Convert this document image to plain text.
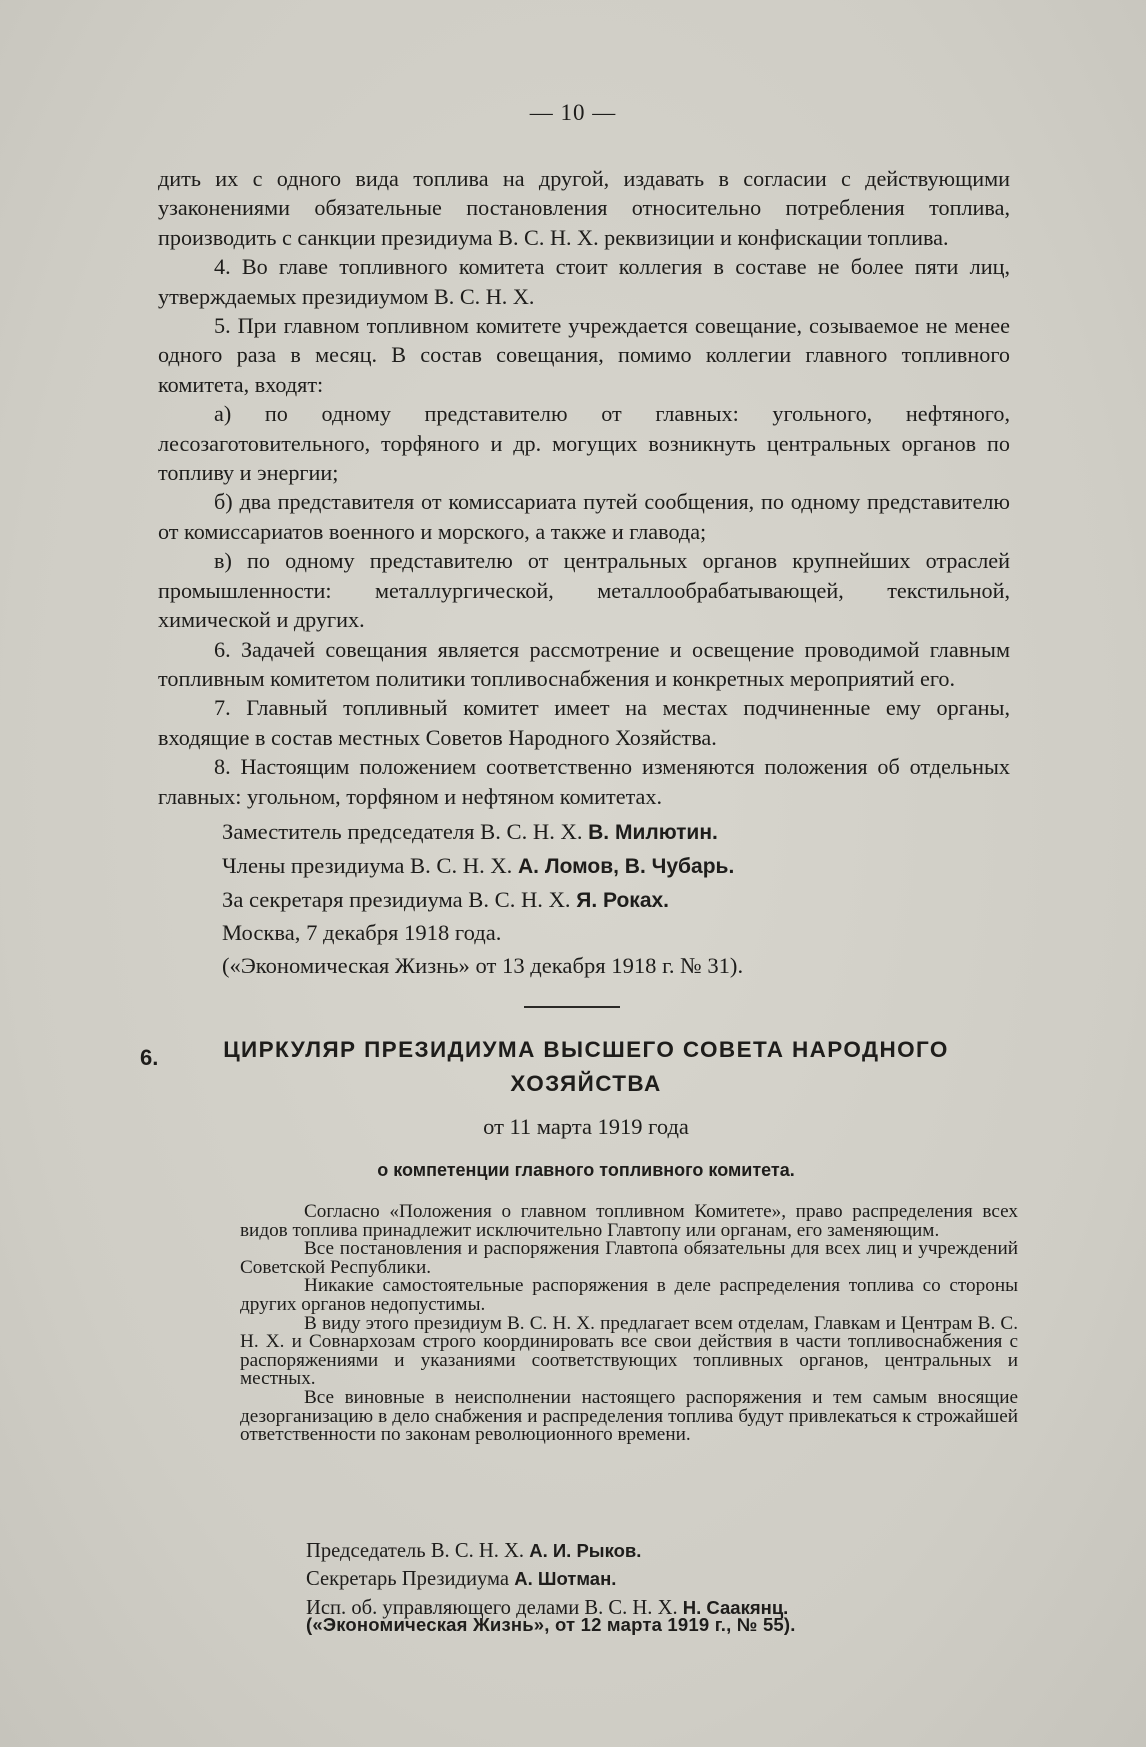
— 10 —

дить их с одного вида топлива на другой, издавать в согласии с действующими узаконениями обязательные постановления относительно потребления топлива, производить с санкции президиума В. С. Н. Х. реквизиции и конфискации топлива.

4. Во главе топливного комитета стоит коллегия в составе не более пяти лиц, утверждаемых президиумом В. С. Н. Х.

5. При главном топливном комитете учреждается совещание, созываемое не менее одного раза в месяц. В состав совещания, помимо коллегии главного топливного комитета, входят:

а) по одному представителю от главных: угольного, нефтяного, лесозаготовительного, торфяного и др. могущих возникнуть центральных органов по топливу и энергии;

б) два представителя от комиссариата путей сообщения, по одному представителю от комиссариатов военного и морского, а также и главода;

в) по одному представителю от центральных органов крупнейших отраслей промышленности: металлургической, металлообрабатывающей, текстильной, химической и других.

6. Задачей совещания является рассмотрение и освещение проводимой главным топливным комитетом политики топливоснабжения и конкретных мероприятий его.

7. Главный топливный комитет имеет на местах подчиненные ему органы, входящие в состав местных Советов Народного Хозяйства.

8. Настоящим положением соответственно изменяются положения об отдельных главных: угольном, торфяном и нефтяном комитетах.

Заместитель председателя В. С. Н. Х. В. Милютин.
Члены президиума В. С. Н. Х. А. Ломов, В. Чубарь.
За секретаря президиума В. С. Н. Х. Я. Роках.
Москва, 7 декабря 1918 года.
(«Экономическая Жизнь» от 13 декабря 1918 г. № 31).
6.	ЦИРКУЛЯР ПРЕЗИДИУМА ВЫСШЕГО СОВЕТА НАРОДНОГО
ХОЗЯЙСТВА
от 11 марта 1919 года
о компетенции главного топливного комитета.

Согласно «Положения о главном топливном Комитете», право распределения всех видов топлива принадлежит исключительно Главтопу или органам, его заменяющим.

Все постановления и распоряжения Главтопа обязательны для всех лиц и учреждений Советской Республики.

Никакие самостоятельные распоряжения в деле распределения топлива со стороны других органов недопустимы.

В виду этого президиум В. С. Н. Х. предлагает всем отделам, Главкам и Центрам В. С. Н. Х. и Совнархозам строго координировать все свои действия в части топливоснабжения с распоряжениями и указаниями соответствующих топливных органов, центральных и местных.

Все виновные в неисполнении настоящего распоряжения и тем самым вносящие дезорганизацию в дело снабжения и распределения топлива будут привлекаться к строжайшей ответственности по законам революционного времени.

Председатель В. С. Н. Х. А. И. Рыков.
Секретарь Президиума А. Шотман.
Исп. об. управляющего делами В. С. Н. Х. Н. Саакянц.
(«Экономическая Жизнь», от 12 марта 1919 г., № 55).
